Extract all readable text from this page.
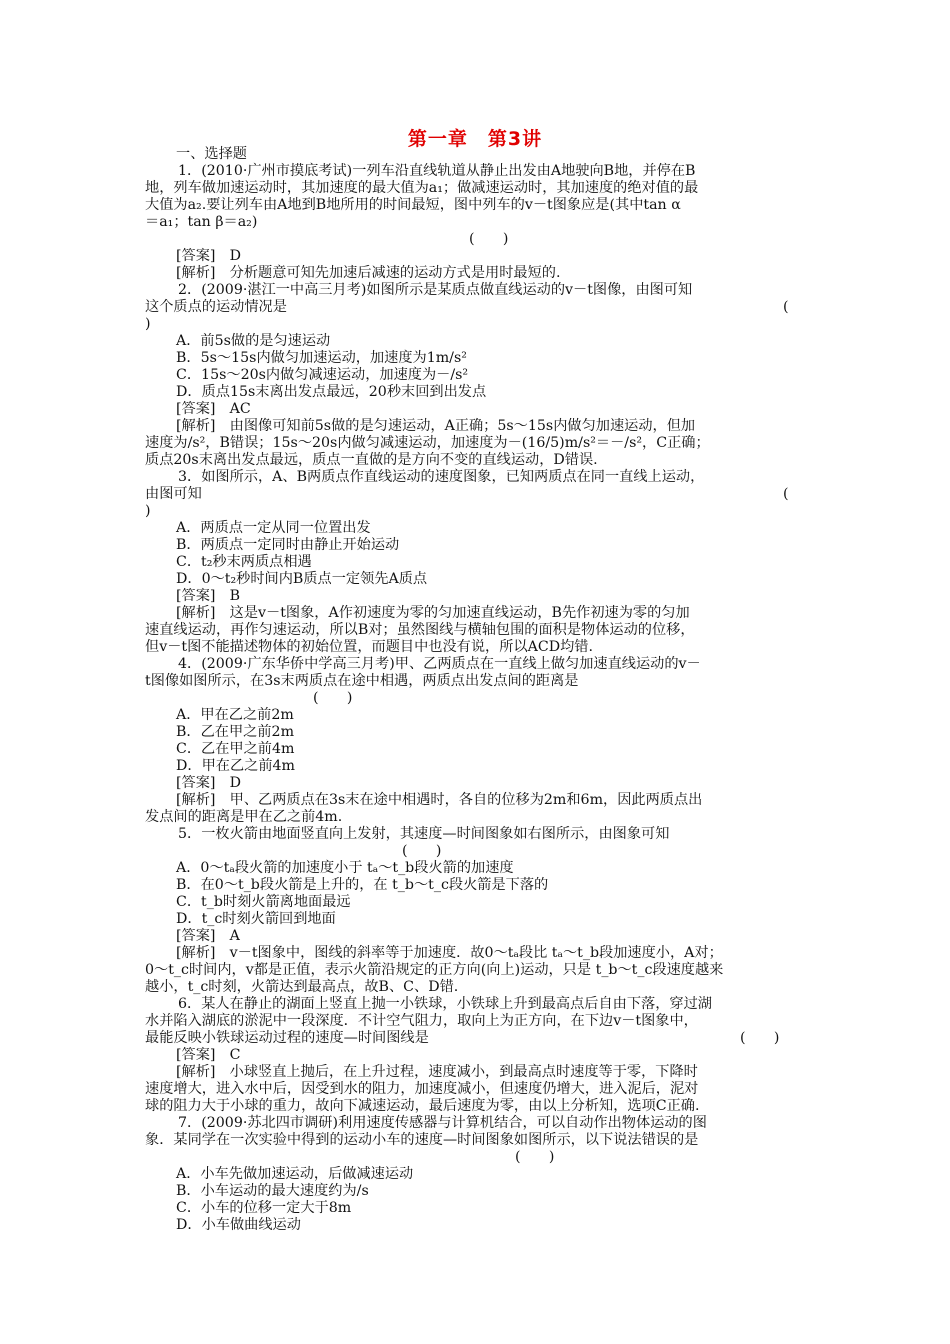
第一章　第3讲
一、选择题
1．(2010·广州市摸底考试)一列车沿直线轨道从静止出发由A地驶向B地，并停在B
地，列车做加速运动时，其加速度的最大值为a₁；做减速运动时，其加速度的绝对值的最
大值为a₂.要让列车由A地到B地所用的时间最短，图中列车的v－t图象应是(其中tan α
＝a₁；tan β＝a₂)
(　　)
[答案]　D
[解析]　分析题意可知先加速后减速的运动方式是用时最短的.
2．(2009·湛江一中高三月考)如图所示是某质点做直线运动的v－t图像，由图可知
这个质点的运动情况是	(
)
A．前5s做的是匀速运动
B．5s～15s内做匀加速运动，加速度为1m/s²
C．15s～20s内做匀减速运动，加速度为－/s²
D．质点15s末离出发点最远，20秒末回到出发点
[答案]　AC
[解析]　由图像可知前5s做的是匀速运动，A正确；5s～15s内做匀加速运动，但加
速度为/s²，B错误；15s～20s内做匀减速运动，加速度为－(16/5)m/s²＝－/s²，C正确；
质点20s末离出发点最远，质点一直做的是方向不变的直线运动，D错误.
3．如图所示，A、B两质点作直线运动的速度图象，已知两质点在同一直线上运动，
由图可知	(
)
A．两质点一定从同一位置出发
B．两质点一定同时由静止开始运动
C．t₂秒末两质点相遇
D．0～t₂秒时间内B质点一定领先A质点
[答案]　B
[解析]　这是v－t图象，A作初速度为零的匀加速直线运动，B先作初速为零的匀加
速直线运动，再作匀速运动，所以B对；虽然图线与横轴包围的面积是物体运动的位移，
但v－t图不能描述物体的初始位置，而题目中也没有说，所以ACD均错.
4．(2009·广东华侨中学高三月考)甲、乙两质点在一直线上做匀加速直线运动的v－
t图像如图所示，在3s末两质点在途中相遇，两质点出发点间的距离是
(　　)
A．甲在乙之前2m
B．乙在甲之前2m
C．乙在甲之前4m
D．甲在乙之前4m
[答案]　D
[解析]　甲、乙两质点在3s末在途中相遇时，各自的位移为2m和6m，因此两质点出
发点间的距离是甲在乙之前4m.
5．一枚火箭由地面竖直向上发射，其速度—时间图象如右图所示，由图象可知
(　　)
A．0～tₐ段火箭的加速度小于 tₐ～t_b段火箭的加速度
B．在0～t_b段火箭是上升的，在 t_b～t_c段火箭是下落的
C．t_b时刻火箭离地面最远
D．t_c时刻火箭回到地面
[答案]　A
[解析]　v－t图象中，图线的斜率等于加速度．故0～tₐ段比 tₐ～t_b段加速度小，A对；
0～t_c时间内，v都是正值，表示火箭沿规定的正方向(向上)运动，只是 t_b～t_c段速度越来
越小，t_c时刻，火箭达到最高点，故B、C、D错.
6．某人在静止的湖面上竖直上抛一小铁球，小铁球上升到最高点后自由下落，穿过湖
水并陷入湖底的淤泥中一段深度．不计空气阻力，取向上为正方向，在下边v－t图象中，
最能反映小铁球运动过程的速度—时间图线是	(　　)
[答案]　C
[解析]　小球竖直上抛后，在上升过程，速度减小，到最高点时速度等于零，下降时
速度增大，进入水中后，因受到水的阻力，加速度减小，但速度仍增大，进入泥后，泥对
球的阻力大于小球的重力，故向下减速运动，最后速度为零，由以上分析知，选项C正确.
7．(2009·苏北四市调研)利用速度传感器与计算机结合，可以自动作出物体运动的图
象．某同学在一次实验中得到的运动小车的速度—时间图象如图所示，以下说法错误的是
(　　)
A．小车先做加速运动，后做减速运动
B．小车运动的最大速度约为/s
C．小车的位移一定大于8m
D．小车做曲线运动
